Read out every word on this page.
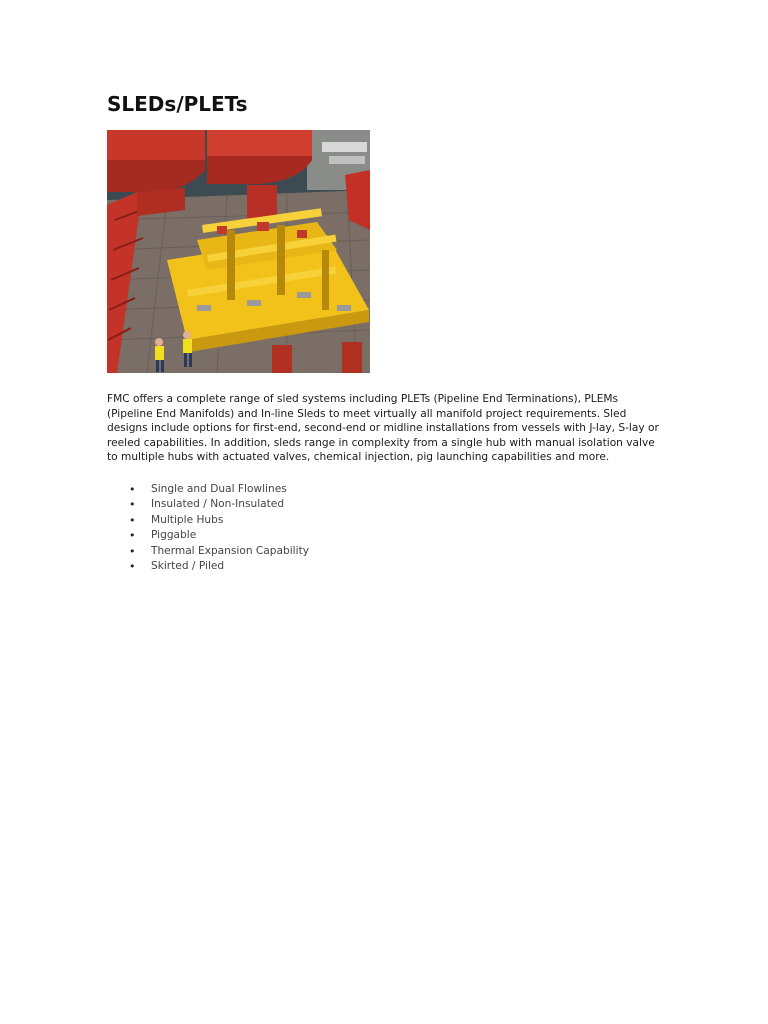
SLEDs/PLETs

FMC offers a complete range of sled systems including PLETs (Pipeline End Terminations), PLEMs (Pipeline End Manifolds) and In-line Sleds to meet virtually all manifold project requirements. Sled designs include options for first-end, second-end or midline installations from vessels with J-lay, S-lay or reeled capabilities. In addition, sleds range in complexity from a single hub with manual isolation valve to multiple hubs with actuated valves, chemical injection, pig launching capabilities and more.

• Single and Dual Flowlines
• Insulated / Non-Insulated
• Multiple Hubs
• Piggable
• Thermal Expansion Capability
• Skirted / Piled
